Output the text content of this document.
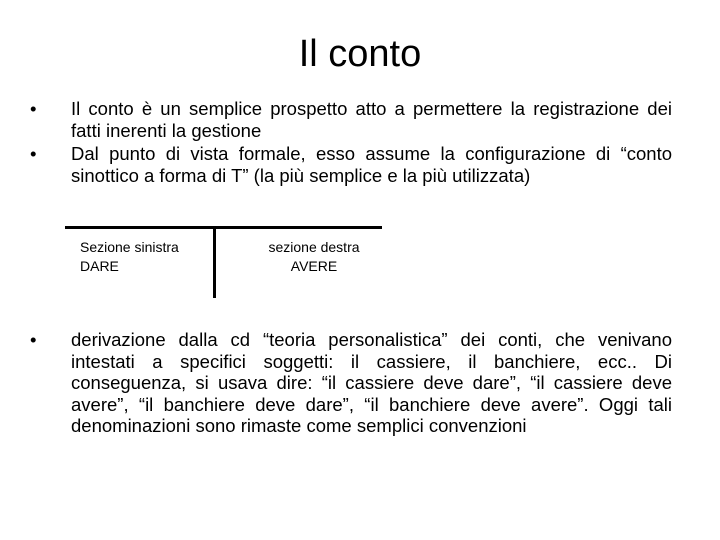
Il conto
• Il conto è un semplice prospetto atto a permettere la registrazione dei fatti inerenti la gestione
• Dal punto di vista formale, esso assume la configurazione di “conto sinottico a forma di T” (la più semplice e la più utilizzata)
Sezione sinistra
DARE
sezione destra
AVERE
• derivazione dalla cd “teoria personalistica” dei conti, che venivano intestati a specifici soggetti: il cassiere, il banchiere, ecc.. Di conseguenza, si usava dire: “il cassiere deve dare”, “il cassiere deve avere”, “il banchiere deve dare”, “il banchiere deve avere”. Oggi tali denominazioni sono rimaste come semplici convenzioni
